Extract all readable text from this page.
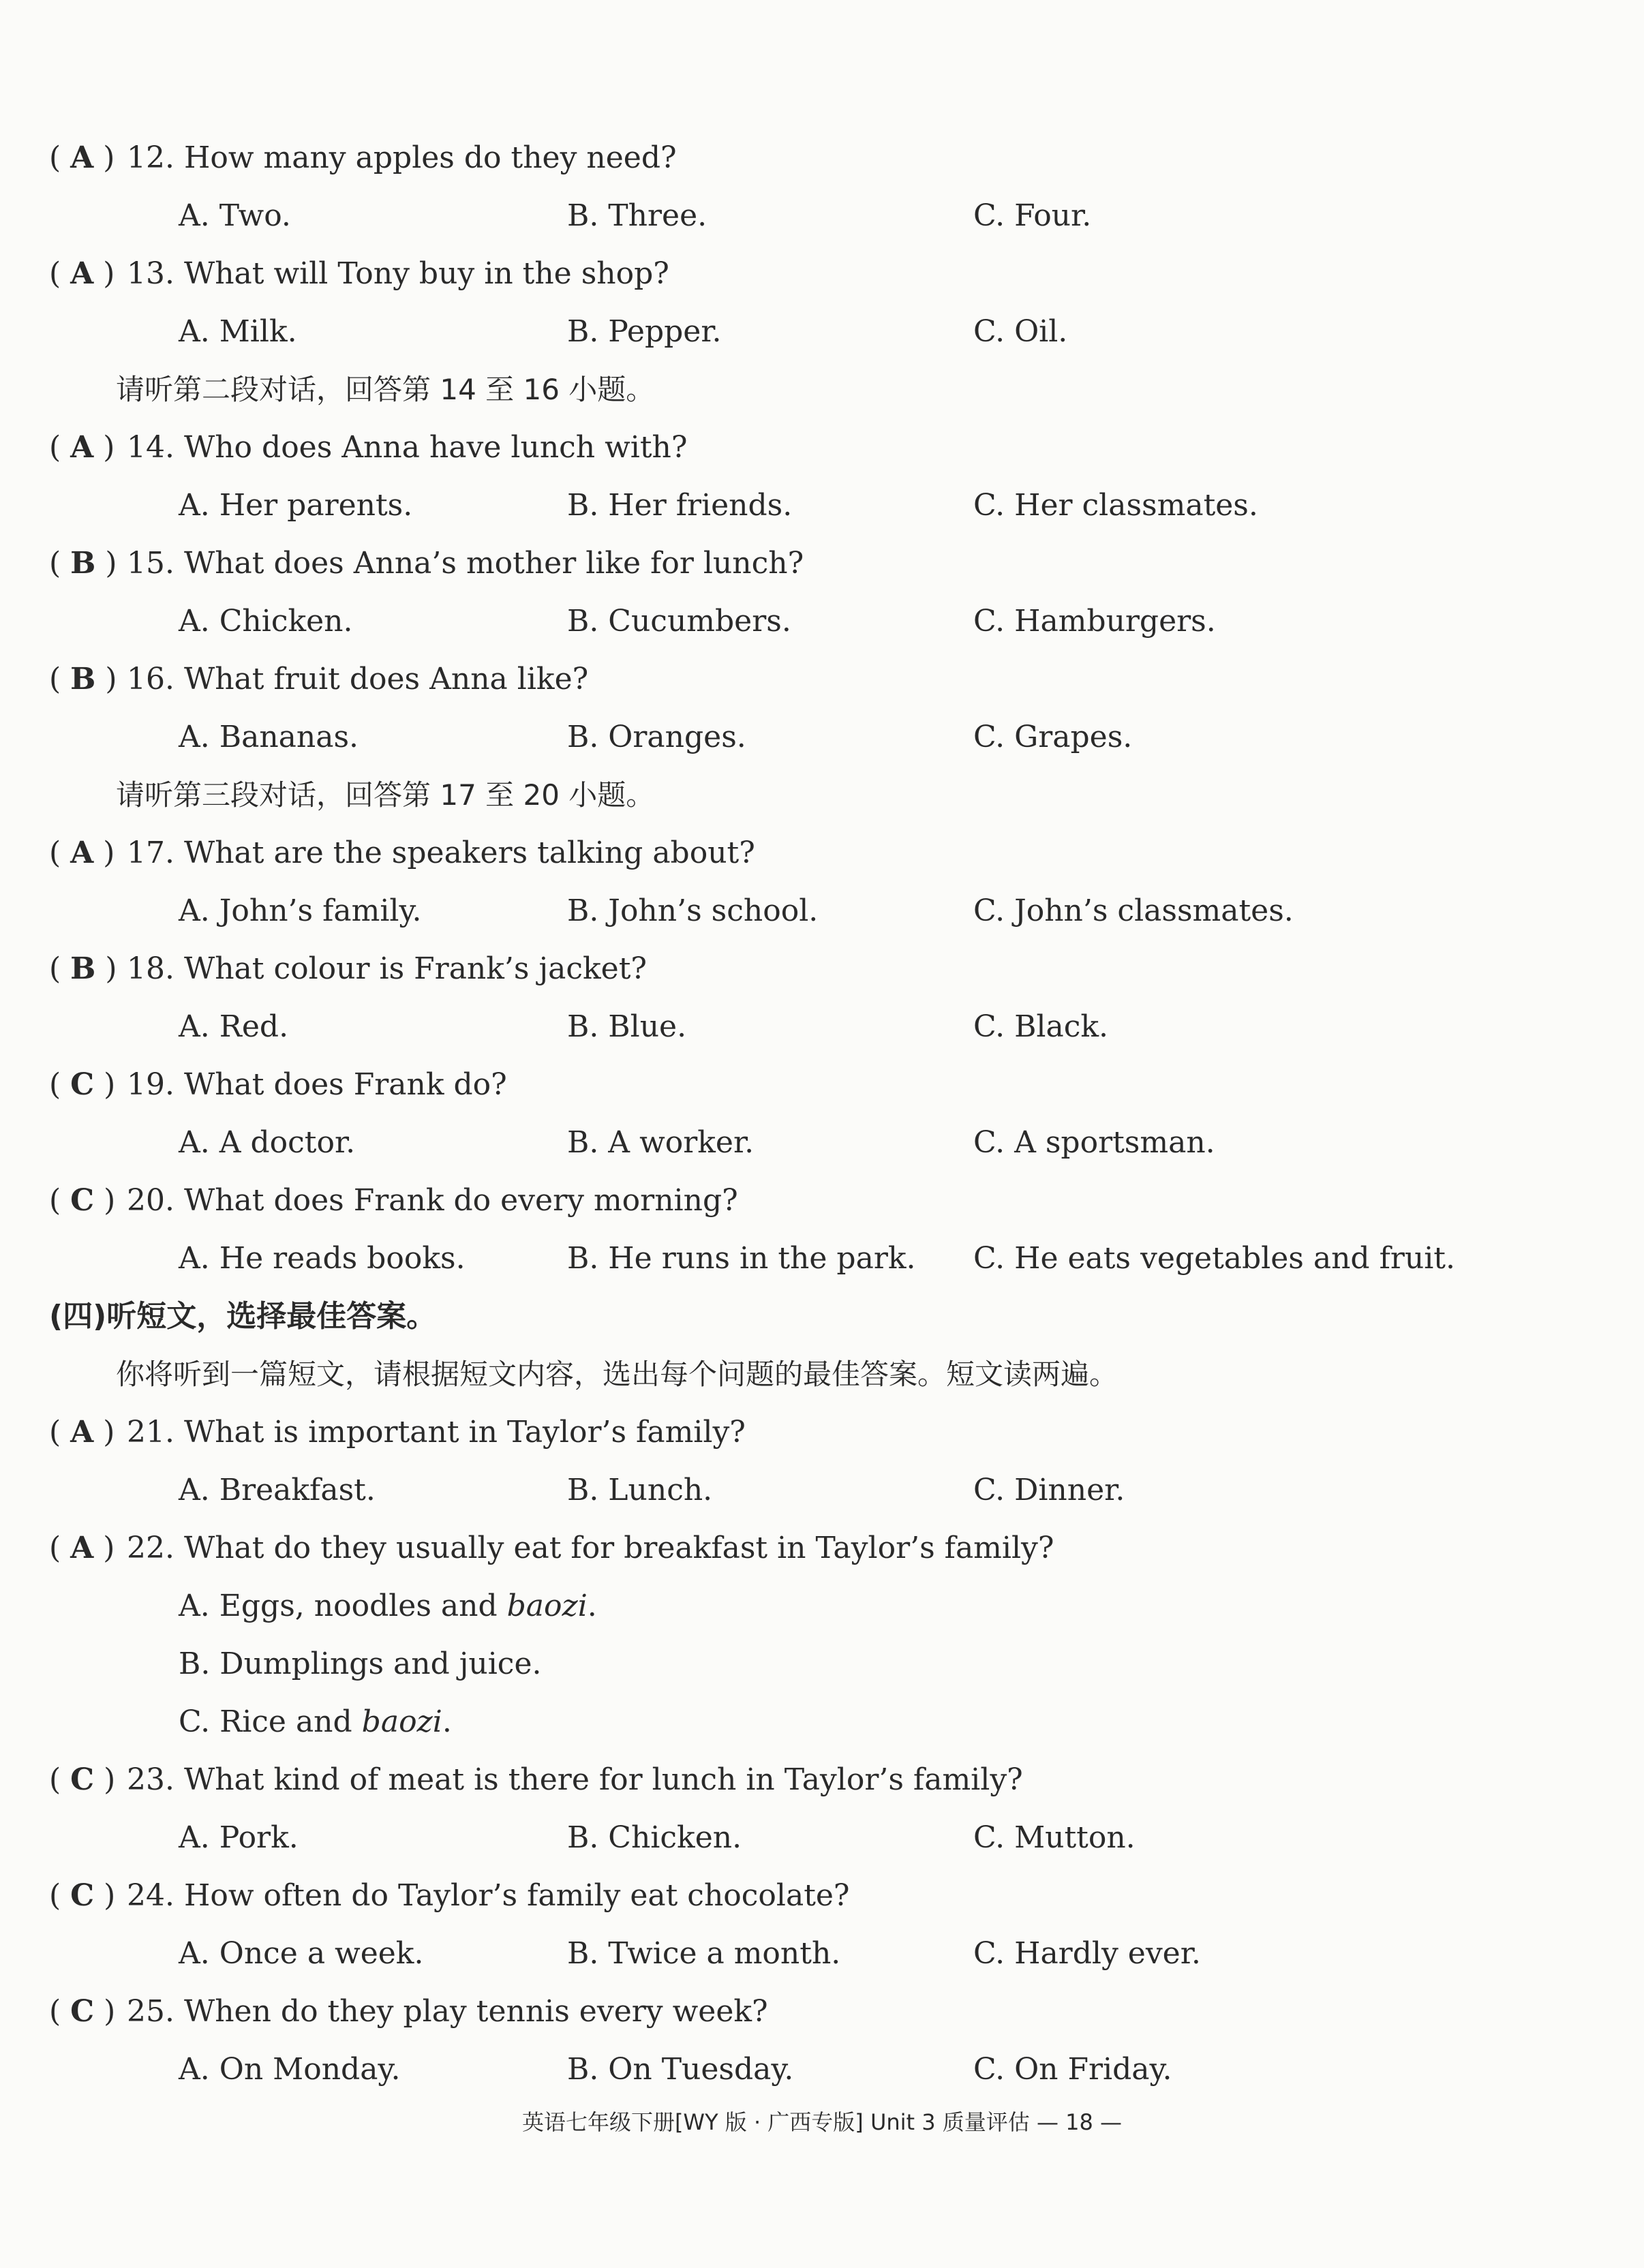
( A ) 12. How many apples do they need?
A. Two.	B. Three.	C. Four.
( A ) 13. What will Tony buy in the shop?
A. Milk.	B. Pepper.	C. Oil.
请听第二段对话，回答第 14 至 16 小题。
( A ) 14. Who does Anna have lunch with?
A. Her parents.	B. Her friends.	C. Her classmates.
( B ) 15. What does Anna’s mother like for lunch?
A. Chicken.	B. Cucumbers.	C. Hamburgers.
( B ) 16. What fruit does Anna like?
A. Bananas.	B. Oranges.	C. Grapes.
请听第三段对话，回答第 17 至 20 小题。
( A ) 17. What are the speakers talking about?
A. John’s family.	B. John’s school.	C. John’s classmates.
( B ) 18. What colour is Frank’s jacket?
A. Red.	B. Blue.	C. Black.
( C ) 19. What does Frank do?
A. A doctor.	B. A worker.	C. A sportsman.
( C ) 20. What does Frank do every morning?
A. He reads books.	B. He runs in the park. C. He eats vegetables and fruit.
(四)听短文，选择最佳答案。
你将听到一篇短文，请根据短文内容，选出每个问题的最佳答案。短文读两遍。
( A ) 21. What is important in Taylor’s family?
A. Breakfast.	B. Lunch.	C. Dinner.
( A ) 22. What do they usually eat for breakfast in Taylor’s family?
A. Eggs, noodles and baozi.
B. Dumplings and juice.
C. Rice and baozi.
( C ) 23. What kind of meat is there for lunch in Taylor’s family?
A. Pork.	B. Chicken.	C. Mutton.
( C ) 24. How often do Taylor’s family eat chocolate?
A. Once a week.	B. Twice a month.	C. Hardly ever.
( C ) 25. When do they play tennis every week?
A. On Monday.	B. On Tuesday.	C. On Friday.
英语七年级下册[WY 版 · 广西专版] Unit 3 质量评估 — 18 —
